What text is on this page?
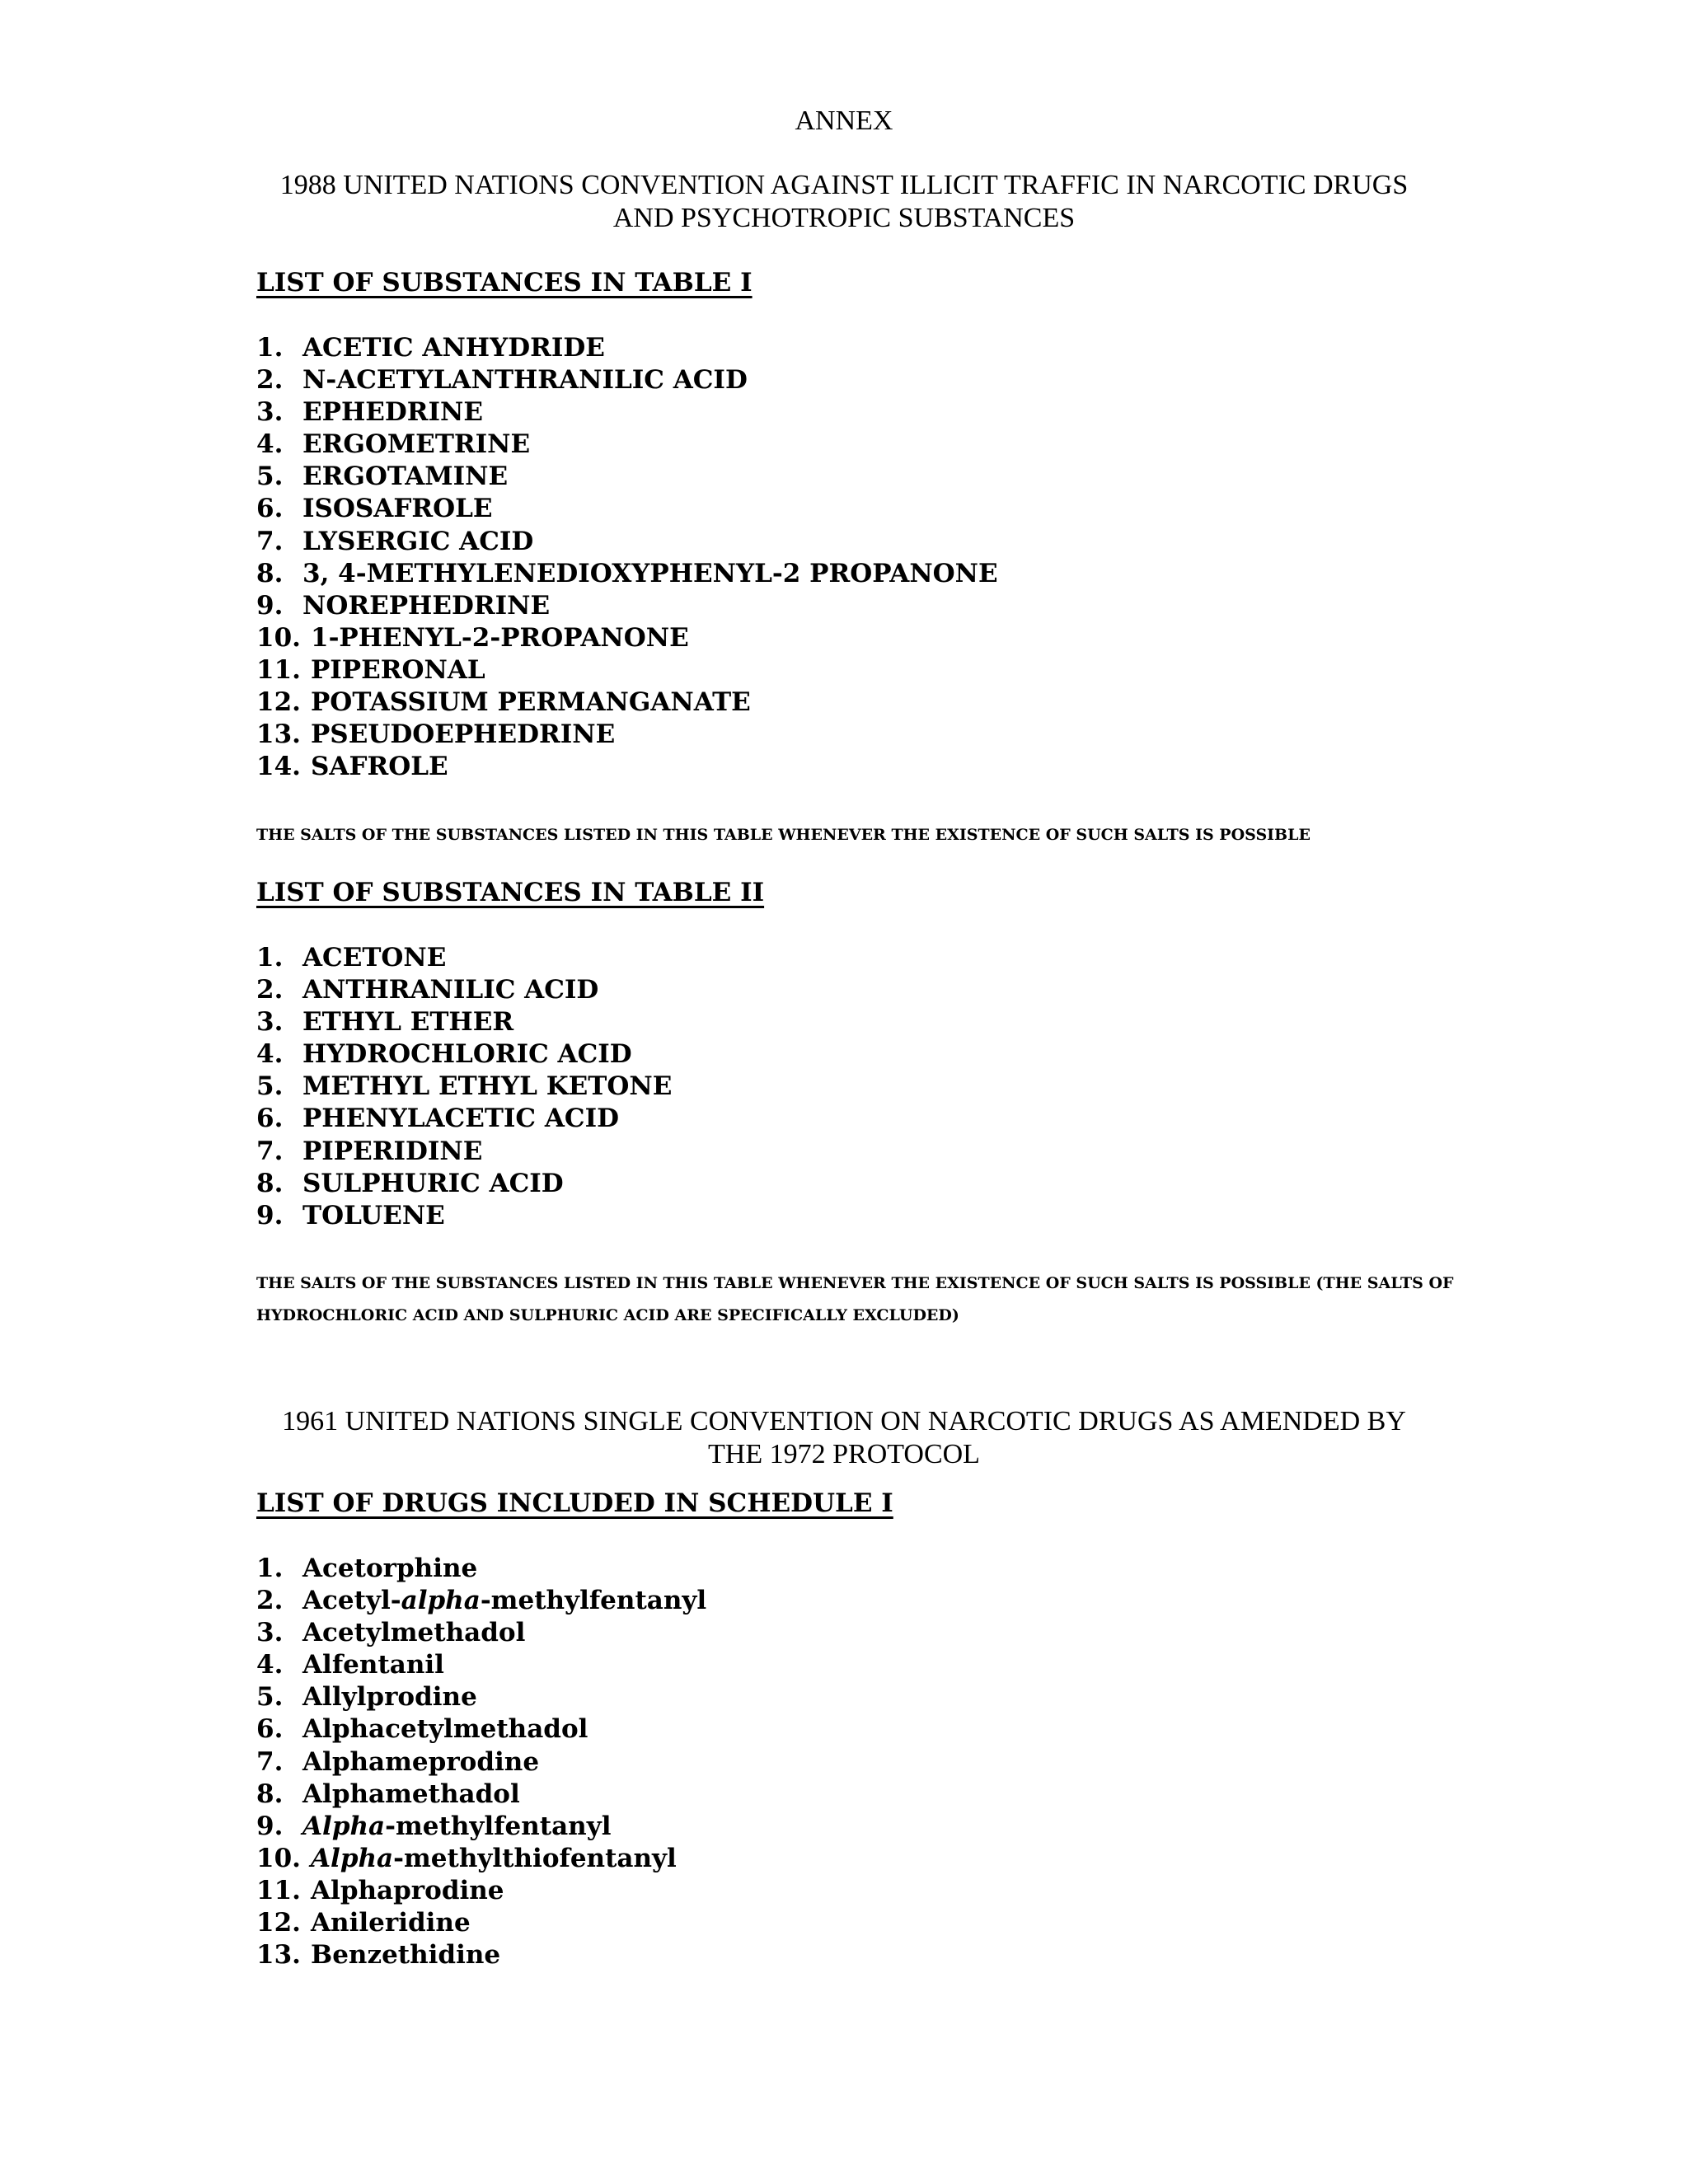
ANNEX
1988 UNITED NATIONS CONVENTION AGAINST ILLICIT TRAFFIC IN NARCOTIC DRUGS
AND PSYCHOTROPIC SUBSTANCES
LIST OF SUBSTANCES IN TABLE I
1. ACETIC ANHYDRIDE
2. N-ACETYLANTHRANILIC ACID
3. EPHEDRINE
4. ERGOMETRINE
5. ERGOTAMINE
6. ISOSAFROLE
7. LYSERGIC ACID
8. 3, 4-METHYLENEDIOXYPHENYL-2 PROPANONE
9. NOREPHEDRINE
10. 1-PHENYL-2-PROPANONE
11. PIPERONAL
12. POTASSIUM PERMANGANATE
13. PSEUDOEPHEDRINE
14. SAFROLE
THE SALTS OF THE SUBSTANCES LISTED IN THIS TABLE WHENEVER THE EXISTENCE OF SUCH SALTS IS POSSIBLE
LIST OF SUBSTANCES IN TABLE II
1. ACETONE
2. ANTHRANILIC ACID
3. ETHYL ETHER
4. HYDROCHLORIC ACID
5. METHYL ETHYL KETONE
6. PHENYLACETIC ACID
7. PIPERIDINE
8. SULPHURIC ACID
9. TOLUENE
THE SALTS OF THE SUBSTANCES LISTED IN THIS TABLE WHENEVER THE EXISTENCE OF SUCH SALTS IS POSSIBLE (THE SALTS OF HYDROCHLORIC ACID AND SULPHURIC ACID ARE SPECIFICALLY EXCLUDED)
1961 UNITED NATIONS SINGLE CONVENTION ON NARCOTIC DRUGS AS AMENDED BY
THE 1972 PROTOCOL
LIST OF DRUGS INCLUDED IN SCHEDULE I
1. Acetorphine
2. Acetyl-alpha-methylfentanyl
3. Acetylmethadol
4. Alfentanil
5. Allylprodine
6. Alphacetylmethadol
7. Alphameprodine
8. Alphamethadol
9. Alpha-methylfentanyl
10. Alpha-methylthiofentanyl
11. Alphaprodine
12. Anileridine
13. Benzethidine
